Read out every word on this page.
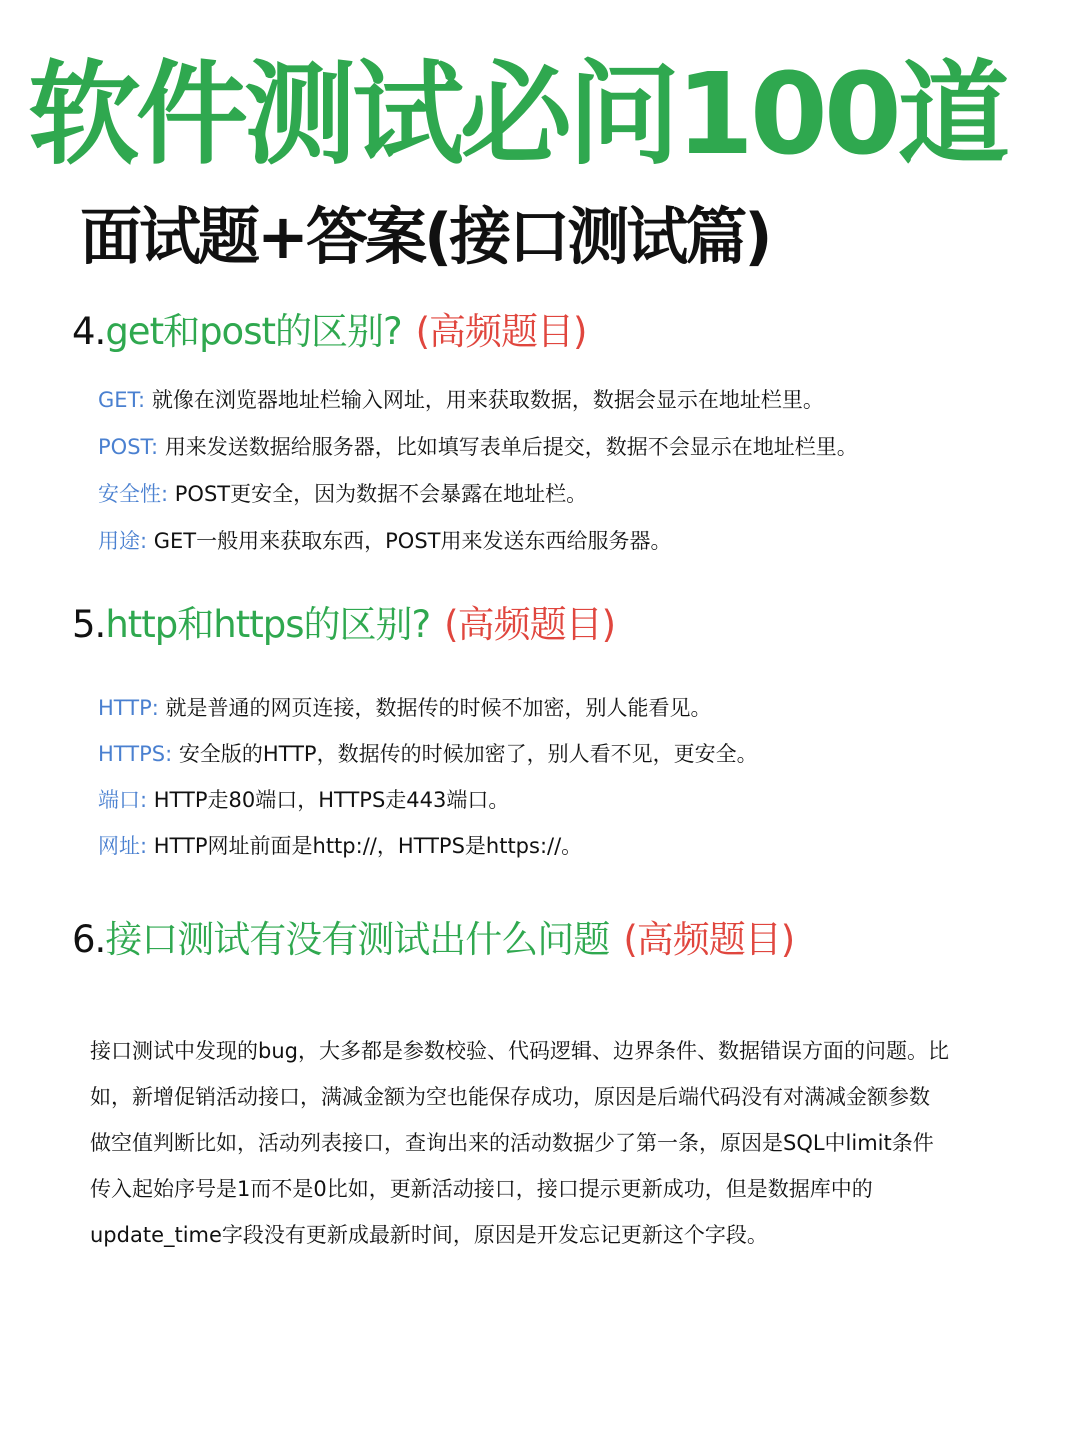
软件测试必问100道
面试题+答案(接口测试篇)
4.get和post的区别? (高频题目)
GET: 就像在浏览器地址栏输入网址，用来获取数据，数据会显示在地址栏里。
POST: 用来发送数据给服务器，比如填写表单后提交，数据不会显示在地址栏里。
安全性: POST更安全，因为数据不会暴露在地址栏。
用途: GET一般用来获取东西，POST用来发送东西给服务器。
5.http和https的区别? (高频题目)
HTTP: 就是普通的网页连接，数据传的时候不加密，别人能看见。
HTTPS: 安全版的HTTP，数据传的时候加密了，别人看不见，更安全。
端口: HTTP走80端口，HTTPS走443端口。
网址: HTTP网址前面是http://，HTTPS是https://。
6.接口测试有没有测试出什么问题 (高频题目)
接口测试中发现的bug，大多都是参数校验、代码逻辑、边界条件、数据错误方面的问题。比如，新增促销活动接口，满减金额为空也能保存成功，原因是后端代码没有对满减金额参数做空值判断比如，活动列表接口，查询出来的活动数据少了第一条，原因是SQL中limit条件传入起始序号是1而不是0比如，更新活动接口，接口提示更新成功，但是数据库中的update_time字段没有更新成最新时间，原因是开发忘记更新这个字段。
